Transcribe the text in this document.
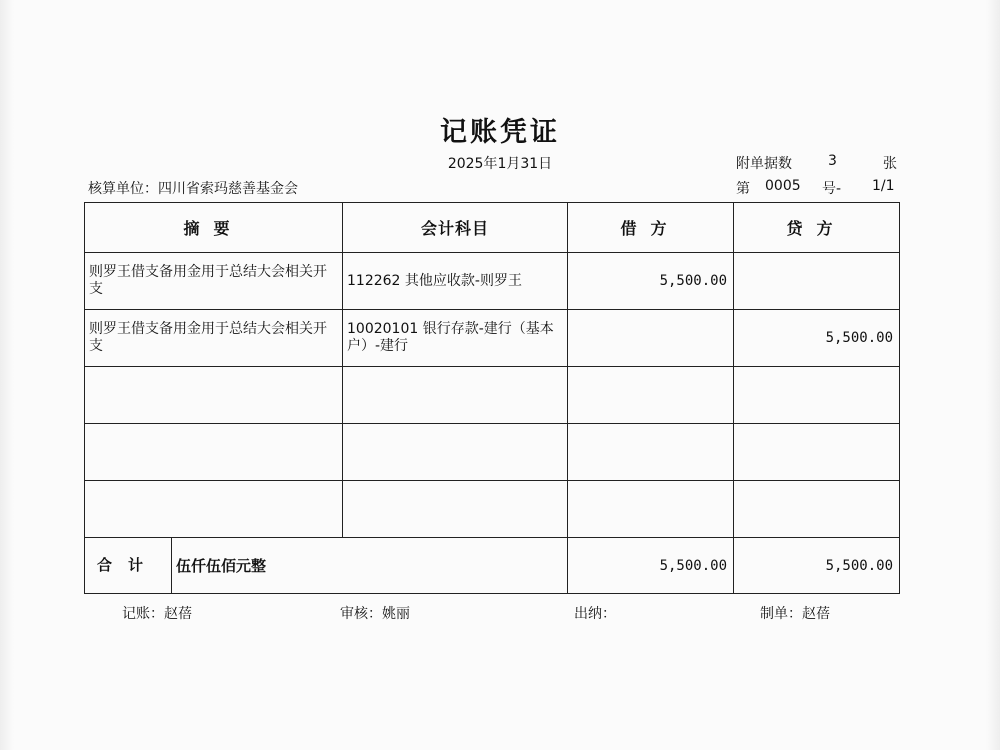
记账凭证
2025年1月31日	附单据数	3	张
核算单位：四川省索玛慈善基金会	第 0005 号- 1/1
摘要	会计科目	借方	贷方
则罗王借支备用金用于总结大会相关开支	112262 其他应收款-则罗王	5,500.00	
则罗王借支备用金用于总结大会相关开支	10020101 银行存款-建行（基本户）-建行		5,500.00

合计 伍仟伍佰元整		5,500.00	5,500.00
记账：赵蓓	审核：姚丽	出纳：	制单：赵蓓
